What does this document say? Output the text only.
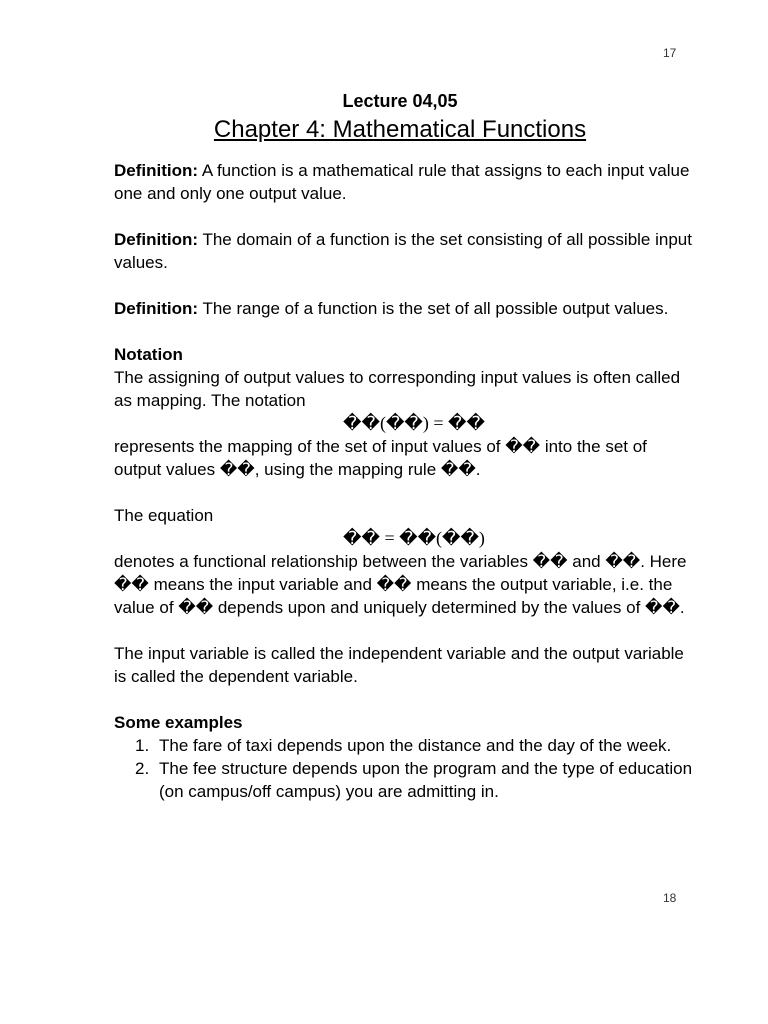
17
Lecture 04,05
Chapter 4: Mathematical Functions

Definition: A function is a mathematical rule that assigns to each input value one and only one output value.

Definition: The domain of a function is the set consisting of all possible input values.

Definition: The range of a function is the set of all possible output values.

Notation

The assigning of output values to corresponding input values is often called as mapping. The notation

��(��) = ��

represents the mapping of the set of input values of �� into the set of output values ��, using the mapping rule ��.

The equation

�� = ��(��)

denotes a functional relationship between the variables �� and ��. Here �� means the input variable and �� means the output variable, i.e. the value of �� depends upon and uniquely determined by the values of ��.

The input variable is called the independent variable and the output variable is called the dependent variable.

Some examples

1. The fare of taxi depends upon the distance and the day of the week.
2. The fee structure depends upon the program and the type of education (on campus/off campus) you are admitting in.
18
